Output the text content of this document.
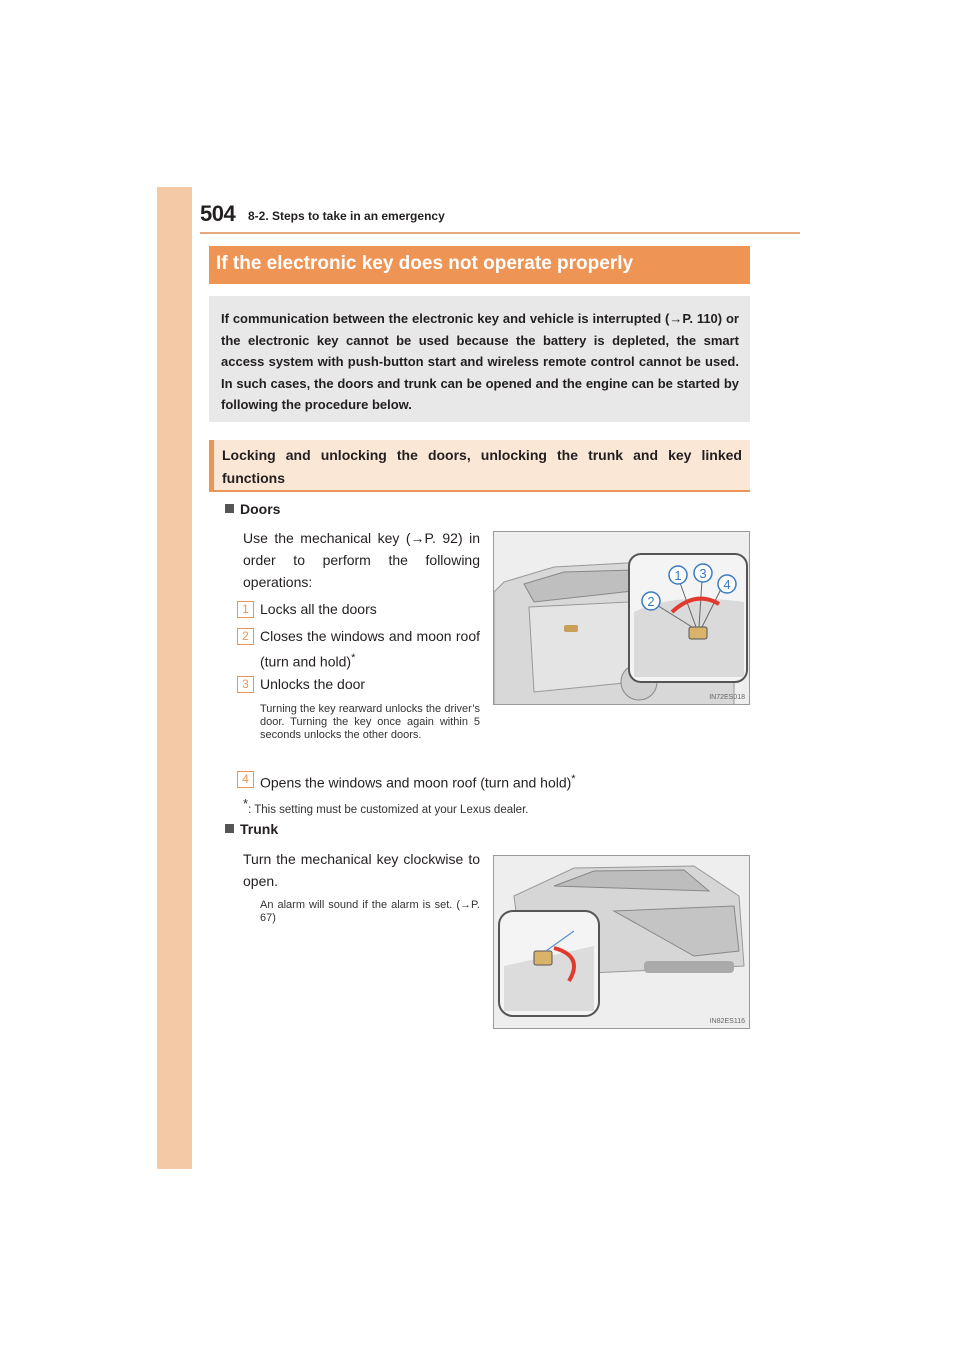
504 8-2. Steps to take in an emergency
If the electronic key does not operate properly

If communication between the electronic key and vehicle is interrupted (→P. 110) or the electronic key cannot be used because the battery is depleted, the smart access system with push-button start and wireless remote control cannot be used. In such cases, the doors and trunk can be opened and the engine can be started by following the procedure below.

Locking and unlocking the doors, unlocking the trunk and key linked functions

Doors
Use the mechanical key (→P. 92) in order to perform the following operations:
1 Locks all the doors
2 Closes the windows and moon roof (turn and hold)*
3 Unlocks the door
Turning the key rearward unlocks the driver’s door. Turning the key once again within 5 seconds unlocks the other doors.
4 Opens the windows and moon roof (turn and hold)*
*: This setting must be customized at your Lexus dealer.
1
2
3
4
IN72ES018
Trunk
Turn the mechanical key clockwise to open.
An alarm will sound if the alarm is set. (→P. 67)
IN82ES116
